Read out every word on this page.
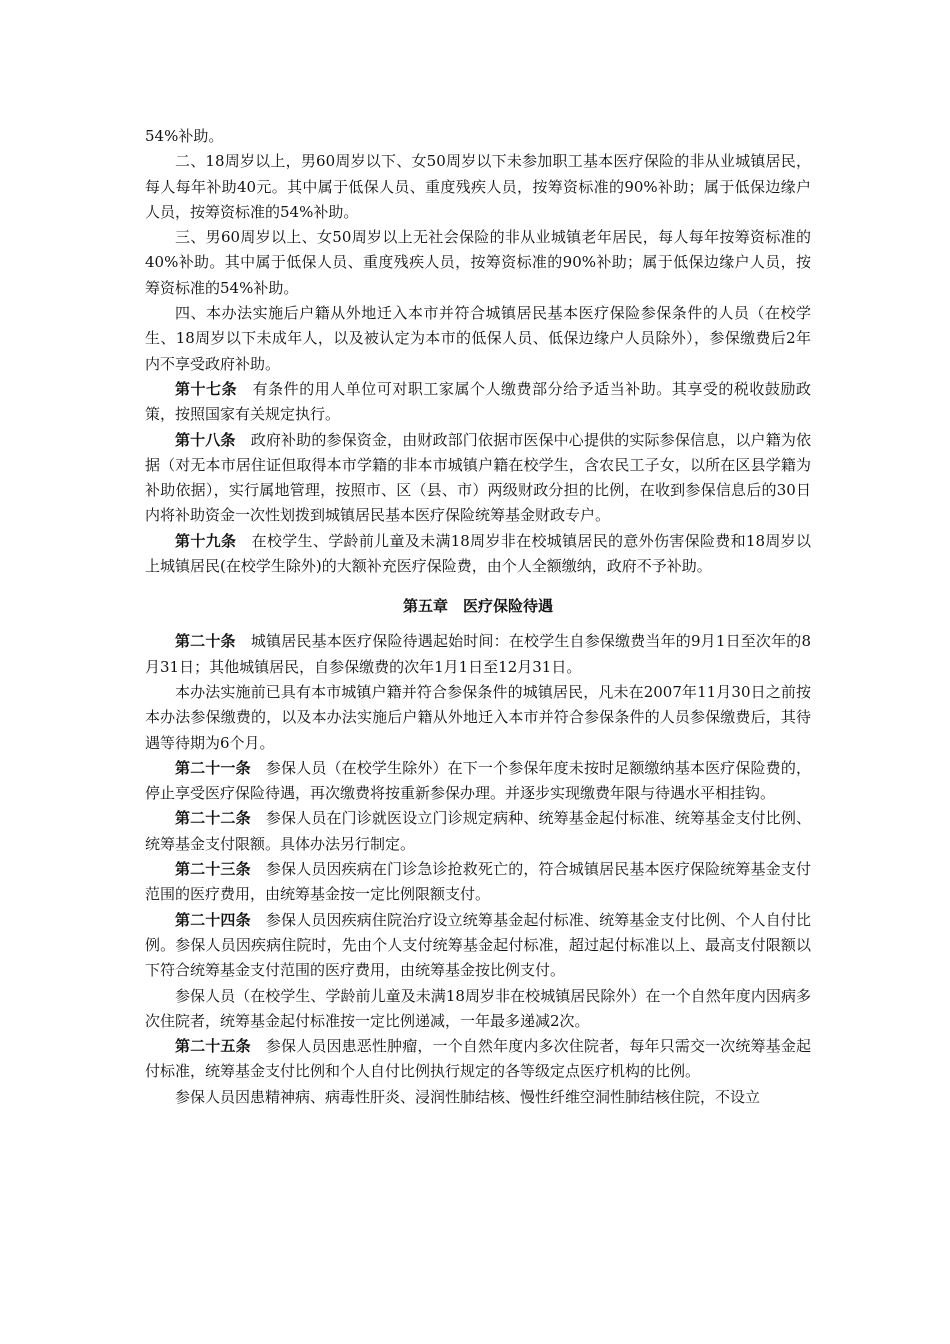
54%补助。

二、18周岁以上，男60周岁以下、女50周岁以下未参加职工基本医疗保险的非从业城镇居民，每人每年补助40元。其中属于低保人员、重度残疾人员，按筹资标准的90%补助；属于低保边缘户人员，按筹资标准的54%补助。

三、男60周岁以上、女50周岁以上无社会保险的非从业城镇老年居民，每人每年按筹资标准的40%补助。其中属于低保人员、重度残疾人员，按筹资标准的90%补助；属于低保边缘户人员，按筹资标准的54%补助。

四、本办法实施后户籍从外地迁入本市并符合城镇居民基本医疗保险参保条件的人员（在校学生、18周岁以下未成年人，以及被认定为本市的低保人员、低保边缘户人员除外），参保缴费后2年内不享受政府补助。

第十七条 有条件的用人单位可对职工家属个人缴费部分给予适当补助。其享受的税收鼓励政策，按照国家有关规定执行。

第十八条 政府补助的参保资金，由财政部门依据市医保中心提供的实际参保信息，以户籍为依据（对无本市居住证但取得本市学籍的非本市城镇户籍在校学生，含农民工子女，以所在区县学籍为补助依据），实行属地管理，按照市、区（县、市）两级财政分担的比例，在收到参保信息后的30日内将补助资金一次性划拨到城镇居民基本医疗保险统筹基金财政专户。

第十九条 在校学生、学龄前儿童及未满18周岁非在校城镇居民的意外伤害保险费和18周岁以上城镇居民(在校学生除外)的大额补充医疗保险费，由个人全额缴纳，政府不予补助。

第五章 医疗保险待遇

第二十条 城镇居民基本医疗保险待遇起始时间：在校学生自参保缴费当年的9月1日至次年的8月31日；其他城镇居民，自参保缴费的次年1月1日至12月31日。

本办法实施前已具有本市城镇户籍并符合参保条件的城镇居民，凡未在2007年11月30日之前按本办法参保缴费的，以及本办法实施后户籍从外地迁入本市并符合参保条件的人员参保缴费后，其待遇等待期为6个月。

第二十一条 参保人员（在校学生除外）在下一个参保年度未按时足额缴纳基本医疗保险费的，停止享受医疗保险待遇，再次缴费将按重新参保办理。并逐步实现缴费年限与待遇水平相挂钩。

第二十二条 参保人员在门诊就医设立门诊规定病种、统筹基金起付标准、统筹基金支付比例、统筹基金支付限额。具体办法另行制定。

第二十三条 参保人员因疾病在门诊急诊抢救死亡的，符合城镇居民基本医疗保险统筹基金支付范围的医疗费用，由统筹基金按一定比例限额支付。

第二十四条 参保人员因疾病住院治疗设立统筹基金起付标准、统筹基金支付比例、个人自付比例。参保人员因疾病住院时，先由个人支付统筹基金起付标准，超过起付标准以上、最高支付限额以下符合统筹基金支付范围的医疗费用，由统筹基金按比例支付。

参保人员（在校学生、学龄前儿童及未满18周岁非在校城镇居民除外）在一个自然年度内因病多次住院者，统筹基金起付标准按一定比例递减，一年最多递减2次。

第二十五条 参保人员因患恶性肿瘤，一个自然年度内多次住院者，每年只需交一次统筹基金起付标准，统筹基金支付比例和个人自付比例执行规定的各等级定点医疗机构的比例。

参保人员因患精神病、病毒性肝炎、浸润性肺结核、慢性纤维空洞性肺结核住院，不设立
